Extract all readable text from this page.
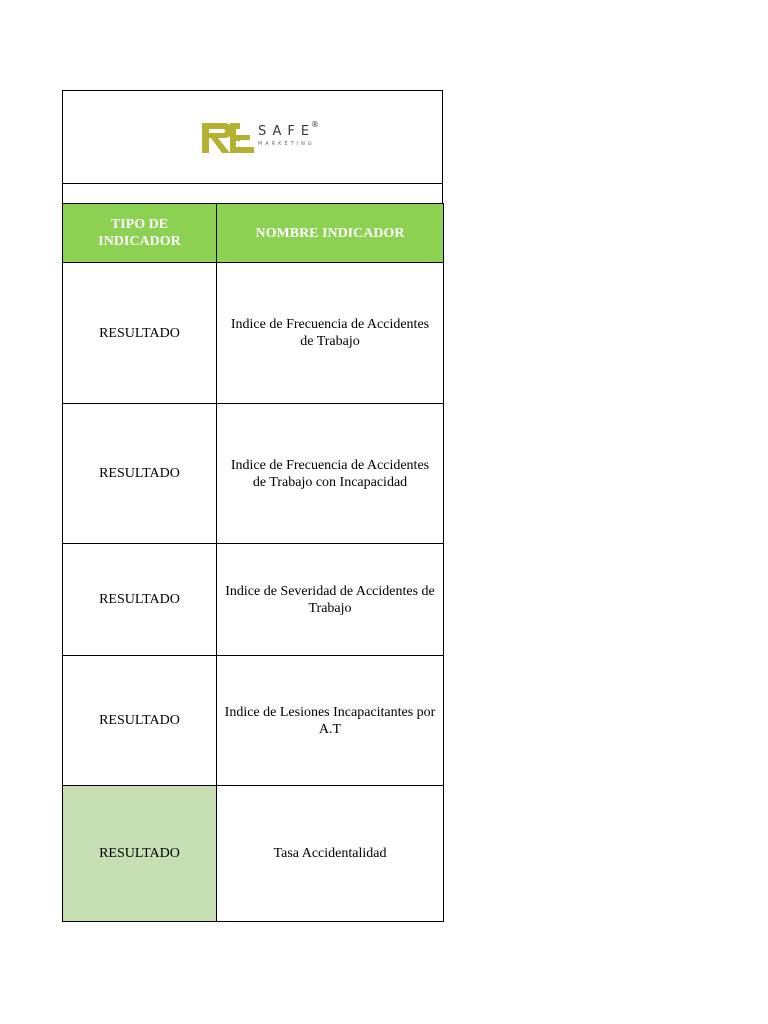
SAFE
MARKETING
®
TIPO DE INDICADOR	NOMBRE INDICADOR
RESULTADO	Indice de Frecuencia de Accidentes de Trabajo
RESULTADO	Indice de Frecuencia de Accidentes de Trabajo con Incapacidad
RESULTADO	Indice de Severidad de Accidentes de Trabajo
RESULTADO	Indice de Lesiones Incapacitantes por A.T
RESULTADO	Tasa Accidentalidad
